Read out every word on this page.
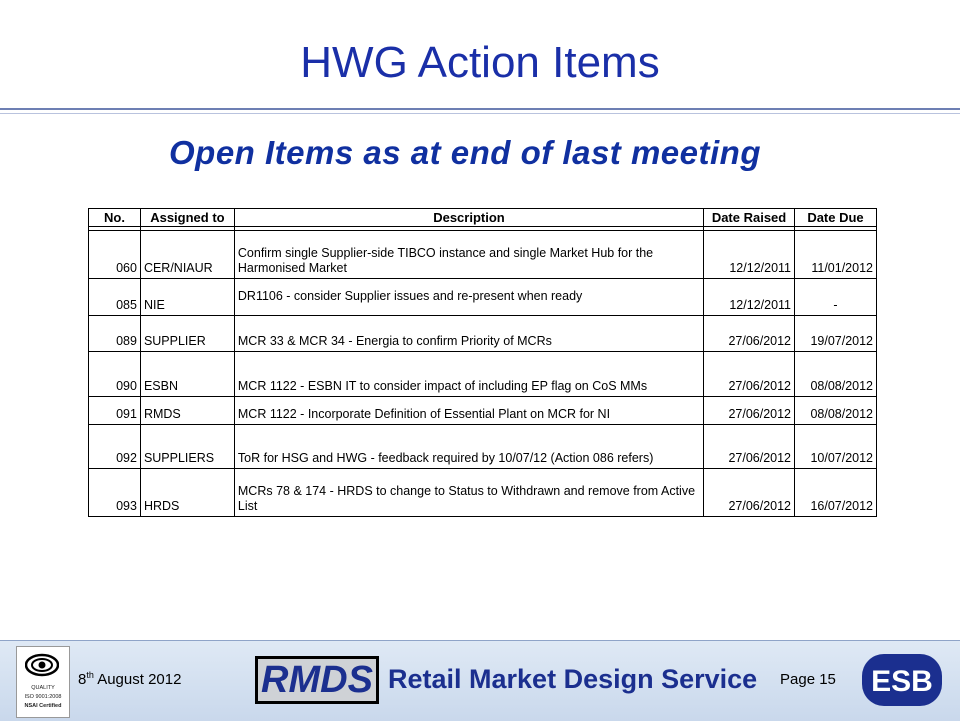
HWG Action Items
Open Items as at end of last meeting
No.	Assigned to	Description	Date Raised	Date Due

060	CER/NIAUR	Confirm single Supplier-side TIBCO instance and single Market Hub for the Harmonised Market	12/12/2011	11/01/2012
085	NIE	DR1106 - consider Supplier issues and re-present when ready	12/12/2011	-
089	SUPPLIER	MCR 33 & MCR 34 - Energia to confirm Priority of MCRs	27/06/2012	19/07/2012
090	ESBN	MCR 1122 - ESBN IT to consider impact of including EP flag on CoS MMs	27/06/2012	08/08/2012
091	RMDS	MCR 1122 - Incorporate Definition of Essential Plant on MCR for NI	27/06/2012	08/08/2012
092	SUPPLIERS	ToR for HSG and HWG - feedback required by 10/07/12 (Action 086 refers)	27/06/2012	10/07/2012
093	HRDS	MCRs 78 & 174 - HRDS to change to Status to Withdrawn and remove from Active List	27/06/2012	16/07/2012
QUALITY
ISO 9001:2008
NSAI Certified
8th August 2012 RMDS Retail Market Design Service Page 15 ESB
